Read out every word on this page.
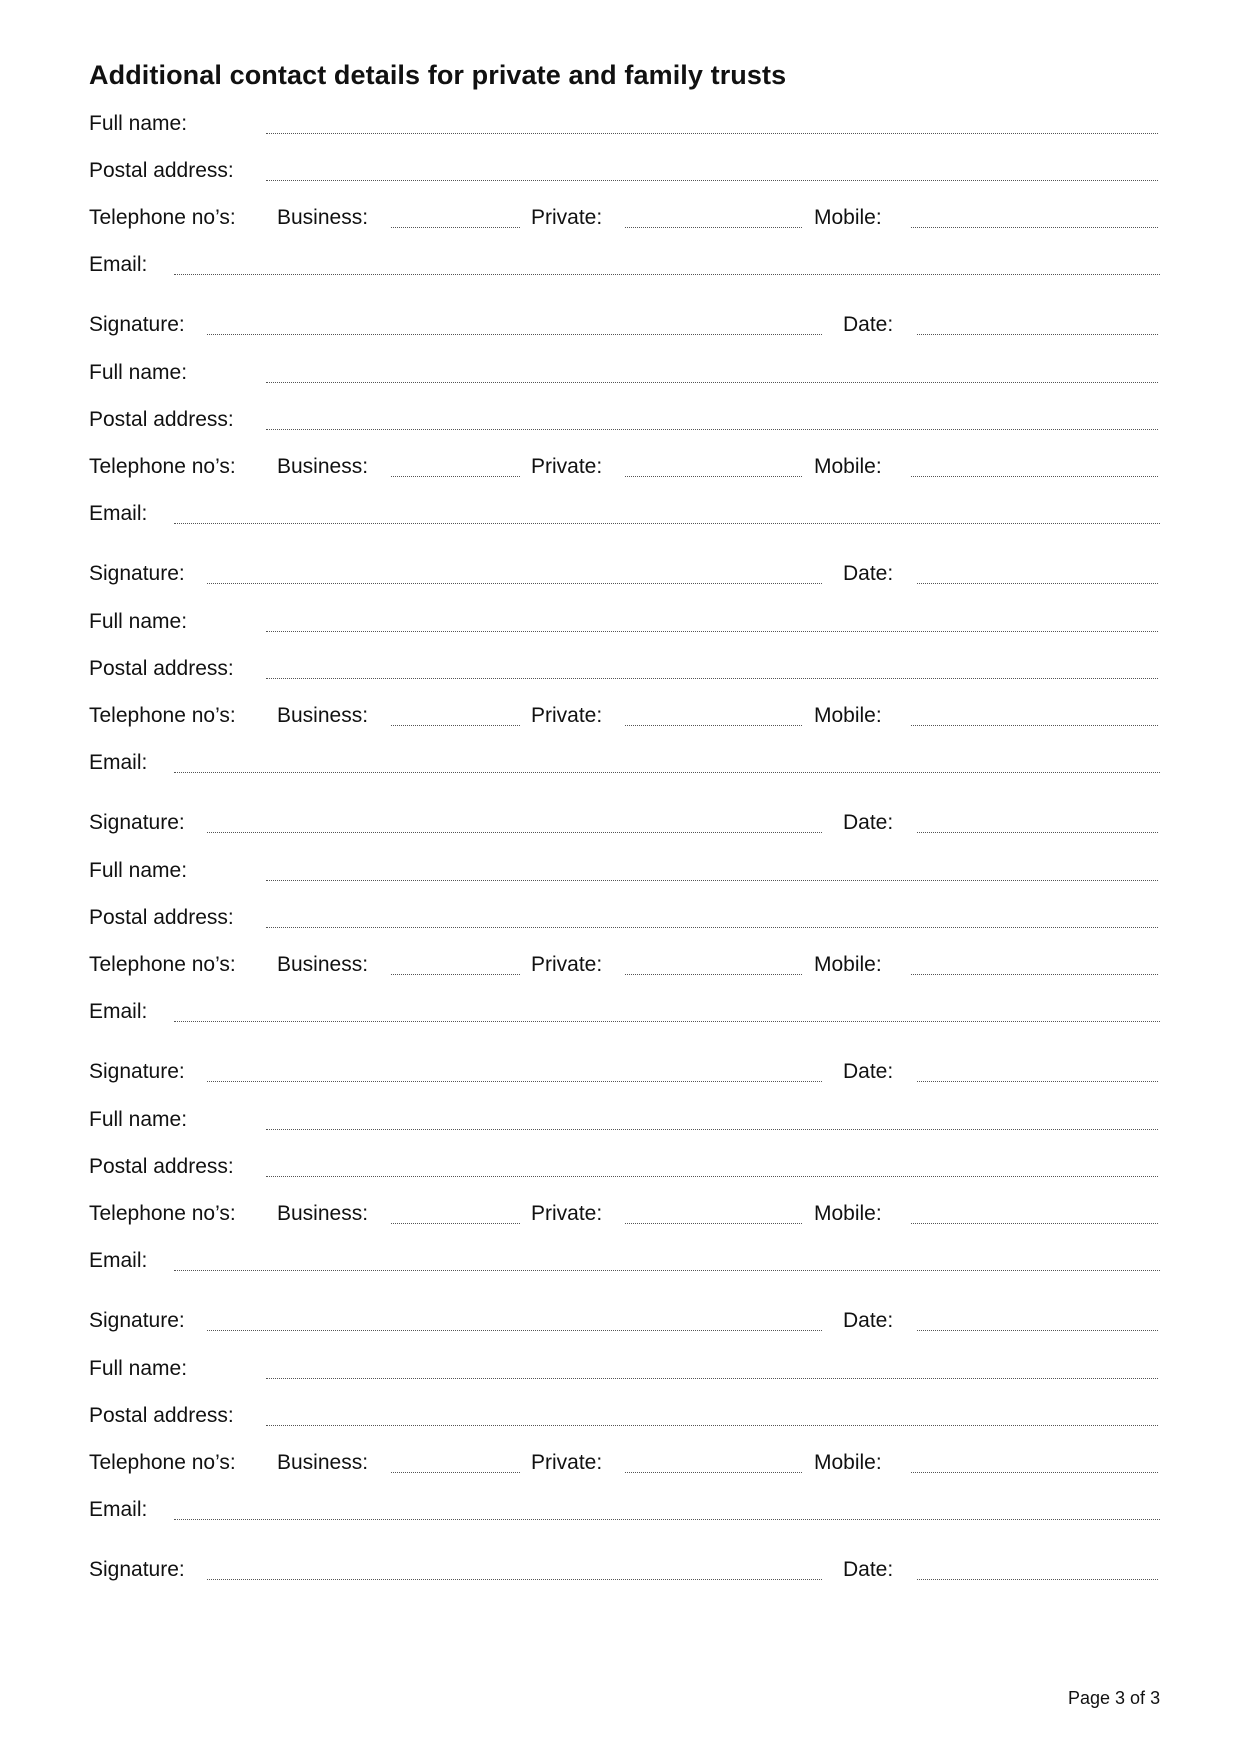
Additional contact details for private and family trusts
Full name:
Postal address:
Telephone no’s: Business:	Private:	Mobile:
Email:
Signature:	Date:
Full name:
Postal address:
Telephone no’s: Business:	Private:	Mobile:
Email:
Signature:	Date:
Full name:
Postal address:
Telephone no’s: Business:	Private:	Mobile:
Email:
Signature:	Date:
Full name:
Postal address:
Telephone no’s: Business:	Private:	Mobile:
Email:
Signature:	Date:
Full name:
Postal address:
Telephone no’s: Business:	Private:	Mobile:
Email:
Signature:	Date:
Full name:
Postal address:
Telephone no’s: Business:	Private:	Mobile:
Email:
Signature:	Date:
Page 3 of 3
